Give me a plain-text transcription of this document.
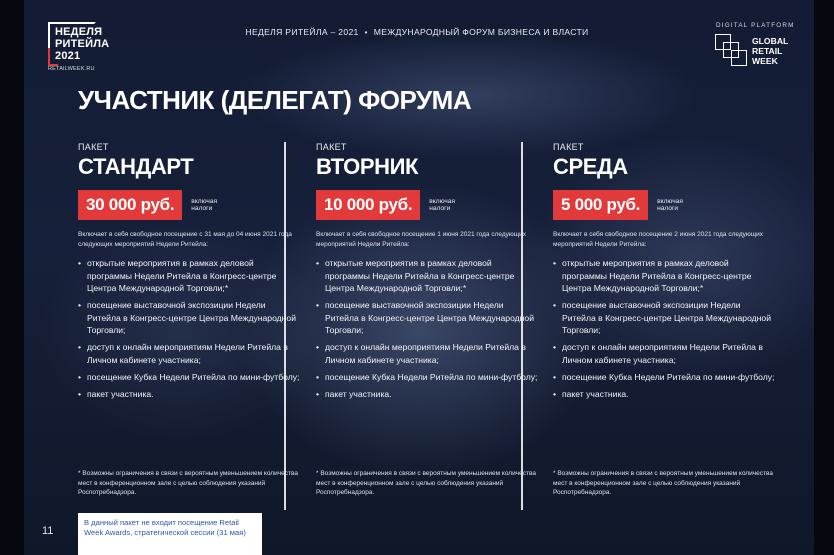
НЕДЕЛЯ
РИТЕЙЛА
2021
RETAILWEEK.RU
НЕДЕЛЯ РИТЕЙЛА – 2021 • МЕЖДУНАРОДНЫЙ ФОРУМ БИЗНЕСА И ВЛАСТИ
DIGITAL PLATFORM
GLOBAL
RETAIL
WEEK
УЧАСТНИК (ДЕЛЕГАТ) ФОРУМА
ПАКЕТ
СТАНДАРТ
30 000 руб.	включая
налоги
Включает в себя свободное посещение с 31 мая до 04 июня 2021 года следующих мероприятий Недели Ритейла:
• открытые мероприятия в рамках деловой программы Недели Ритейла в Конгресс-центре Центра Международной Торговли;*
• посещение выставочной экспозиции Недели Ритейла в Конгресс-центре Центра Международной Торговли;
• доступ к онлайн мероприятиям Недели Ритейла в Личном кабинете участника;
• посещение Кубка Недели Ритейла по мини-футболу;
• пакет участника.
* Возможны ограничения в связи с вероятным уменьшением количества мест в конференционном зале с целью соблюдения указаний Роспотребнадзора.
ПАКЕТ
ВТОРНИК
10 000 руб.	включая
налоги
Включает в себя свободное посещение 1 июня 2021 года следующих мероприятий Недели Ритейла:
• открытые мероприятия в рамках деловой программы Недели Ритейла в Конгресс-центре Центра Международной Торговли;*
• посещение выставочной экспозиции Недели Ритейла в Конгресс-центре Центра Международной Торговли;
• доступ к онлайн мероприятиям Недели Ритейла в Личном кабинете участника;
• посещение Кубка Недели Ритейла по мини-футболу;
• пакет участника.
* Возможны ограничения в связи с вероятным уменьшением количества мест в конференционном зале с целью соблюдения указаний Роспотребнадзора.
ПАКЕТ
СРЕДА
5 000 руб.	включая
налоги
Включает в себя свободное посещение 2 июня 2021 года следующих мероприятий Недели Ритейла:
• открытые мероприятия в рамках деловой программы Недели Ритейла в Конгресс-центре Центра Международной Торговли;*
• посещение выставочной экспозиции Недели Ритейла в Конгресс-центре Центра Международной Торговли;
• доступ к онлайн мероприятиям Недели Ритейла в Личном кабинете участника;
• посещение Кубка Недели Ритейла по мини-футболу;
• пакет участника.
* Возможны ограничения в связи с вероятным уменьшением количества мест в конференционном зале с целью соблюдения указаний Роспотребнадзора.
В данный пакет не входит посещение Retail Week Awards, стратегической сессии (31 мая)
11
